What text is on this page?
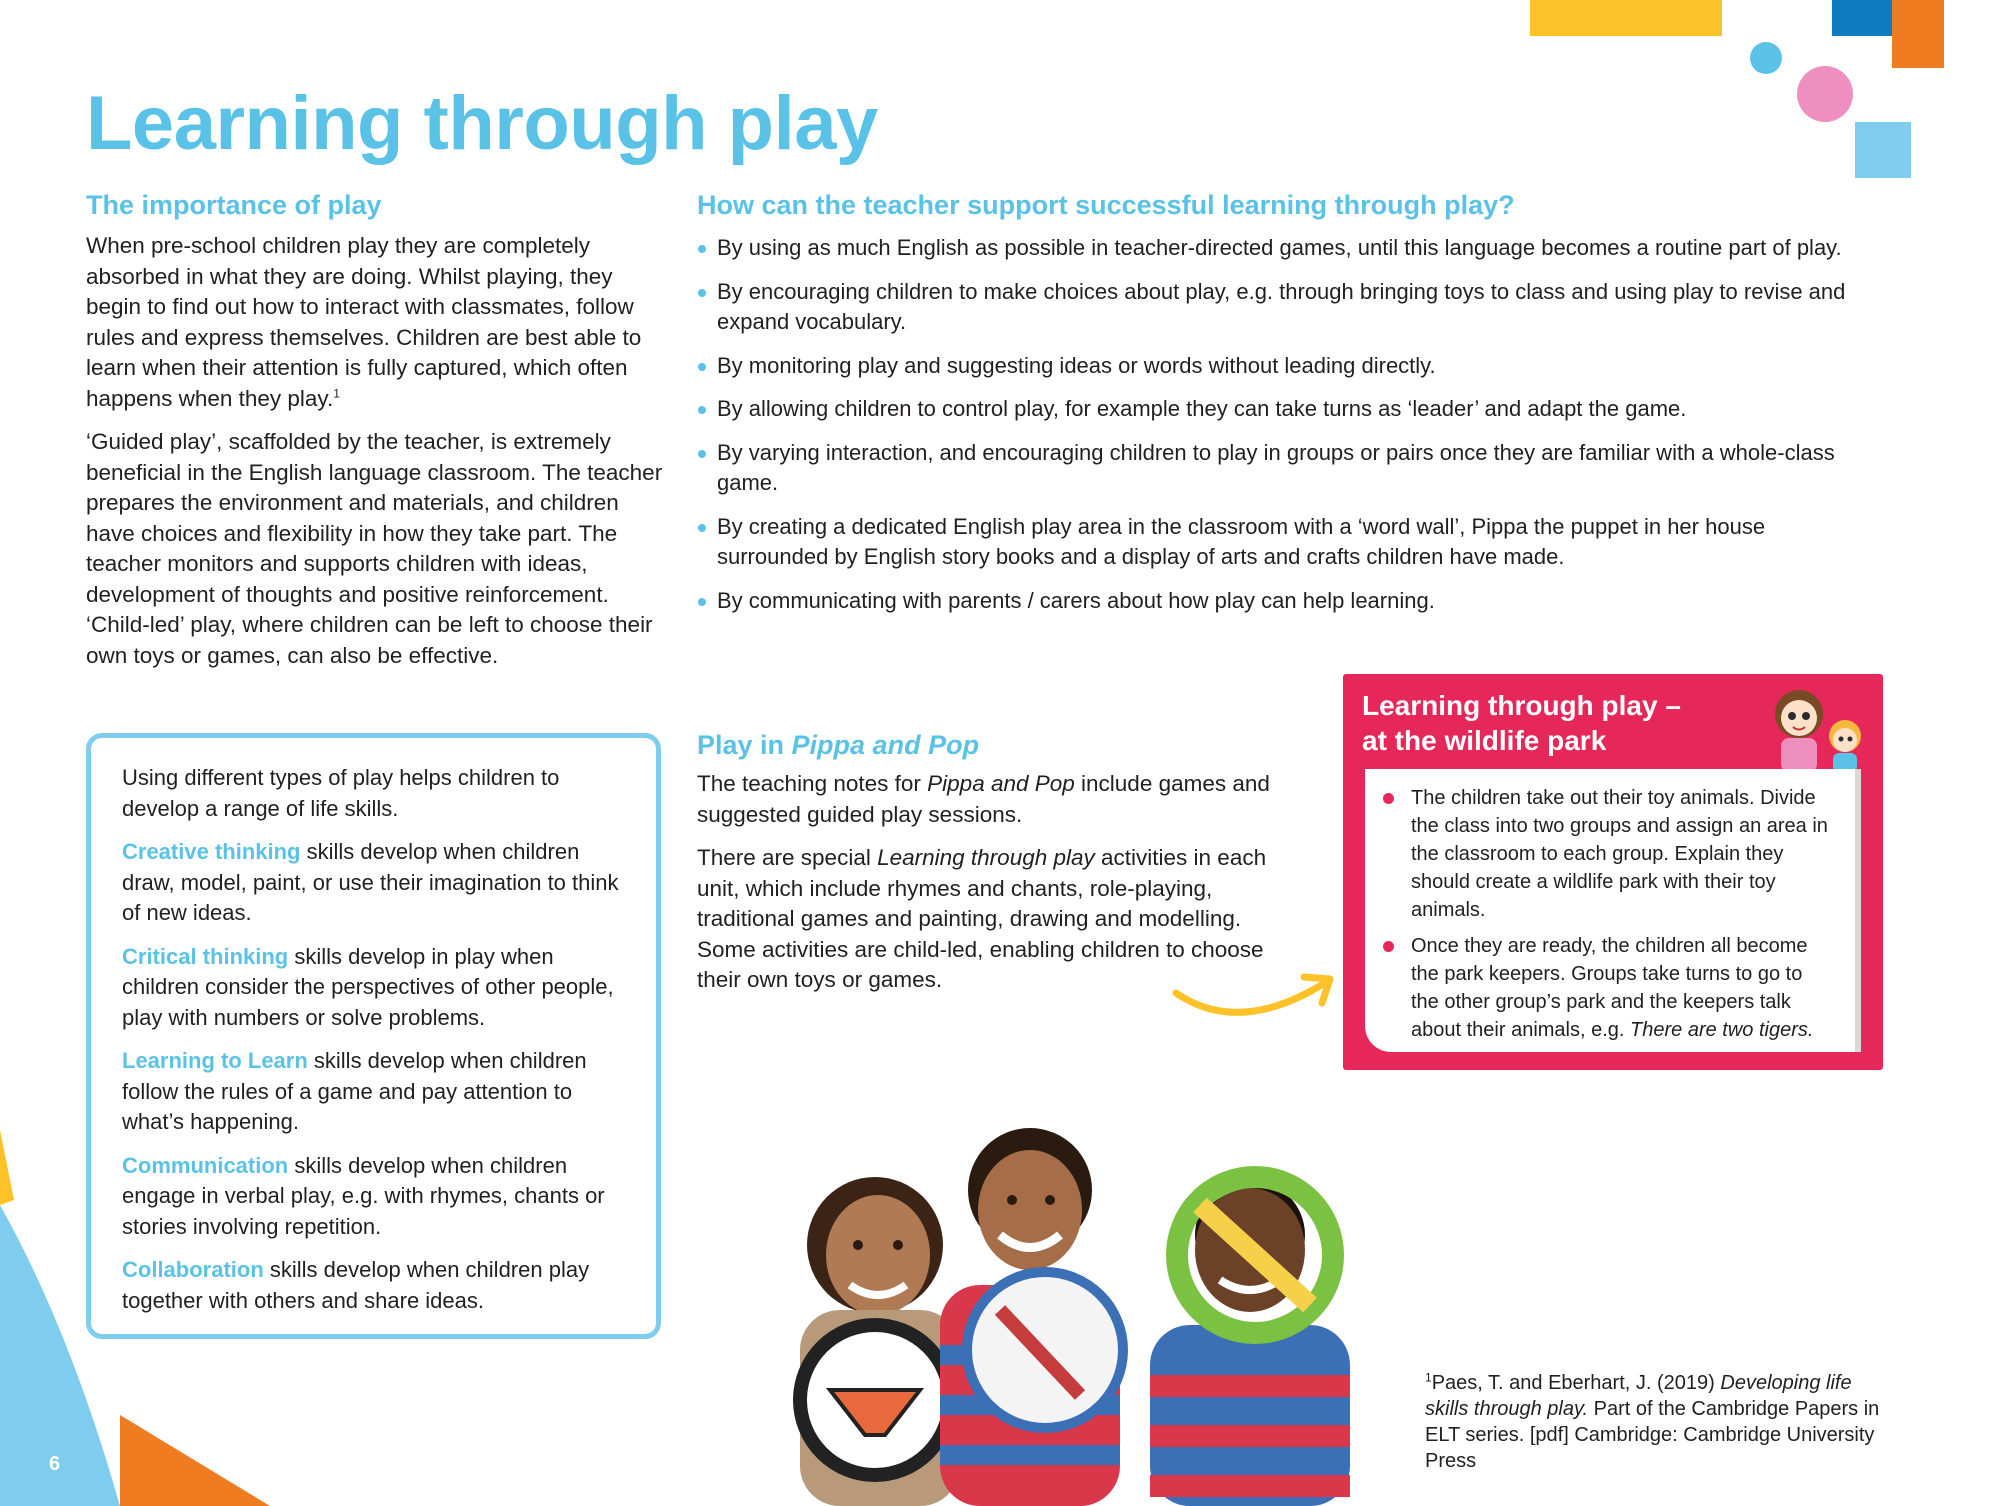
6
Learning through play
The importance of play

When pre-school children play they are completely absorbed in what they are doing. Whilst playing, they begin to find out how to interact with classmates, follow rules and express themselves. Children are best able to learn when their attention is fully captured, which often happens when they play.$^1$

‘Guided play’, scaffolded by the teacher, is extremely beneficial in the English language classroom. The teacher prepares the environment and materials, and children have choices and flexibility in how they take part. The teacher monitors and supports children with ideas, development of thoughts and positive reinforcement. ‘Child-led’ play, where children can be left to choose their own toys or games, can also be effective.

Using different types of play helps children to develop a range of life skills.

Creative thinking skills develop when children draw, model, paint, or use their imagination to think of new ideas.

Critical thinking skills develop in play when children consider the perspectives of other people, play with numbers or solve problems.

Learning to Learn skills develop when children follow the rules of a game and pay attention to what’s happening.

Communication skills develop when children engage in verbal play, e.g. with rhymes, chants or stories involving repetition.

Collaboration skills develop when children play together with others and share ideas.

How can the teacher support successful learning through play?
By using as much English as possible in teacher-directed games, until this language becomes a routine part of play.
By encouraging children to make choices about play, e.g. through bringing toys to class and using play to revise and expand vocabulary.
By monitoring play and suggesting ideas or words without leading directly.
By allowing children to control play, for example they can take turns as ‘leader’ and adapt the game.
By varying interaction, and encouraging children to play in groups or pairs once they are familiar with a whole-class game.
By creating a dedicated English play area in the classroom with a ‘word wall’, Pippa the puppet in her house surrounded by English story books and a display of arts and crafts children have made.
By communicating with parents / carers about how play can help learning.
Play in Pippa and Pop

The teaching notes for Pippa and Pop include games and suggested guided play sessions.

There are special Learning through play activities in each unit, which include rhymes and chants, role-playing, traditional games and painting, drawing and modelling. Some activities are child-led, enabling children to choose their own toys or games.

Learning through play –
at the wildlife park
The children take out their toy animals. Divide the class into two groups and assign an area in the classroom to each group. Explain they should create a wildlife park with their toy animals.
Once they are ready, the children all become the park keepers. Groups take turns to go to the other group’s park and the keepers talk about their animals, e.g. There are two tigers.

$^1$Paes, T. and Eberhart, J. (2019) Developing life skills through play. Part of the Cambridge Papers in ELT series. [pdf] Cambridge: Cambridge University Press
